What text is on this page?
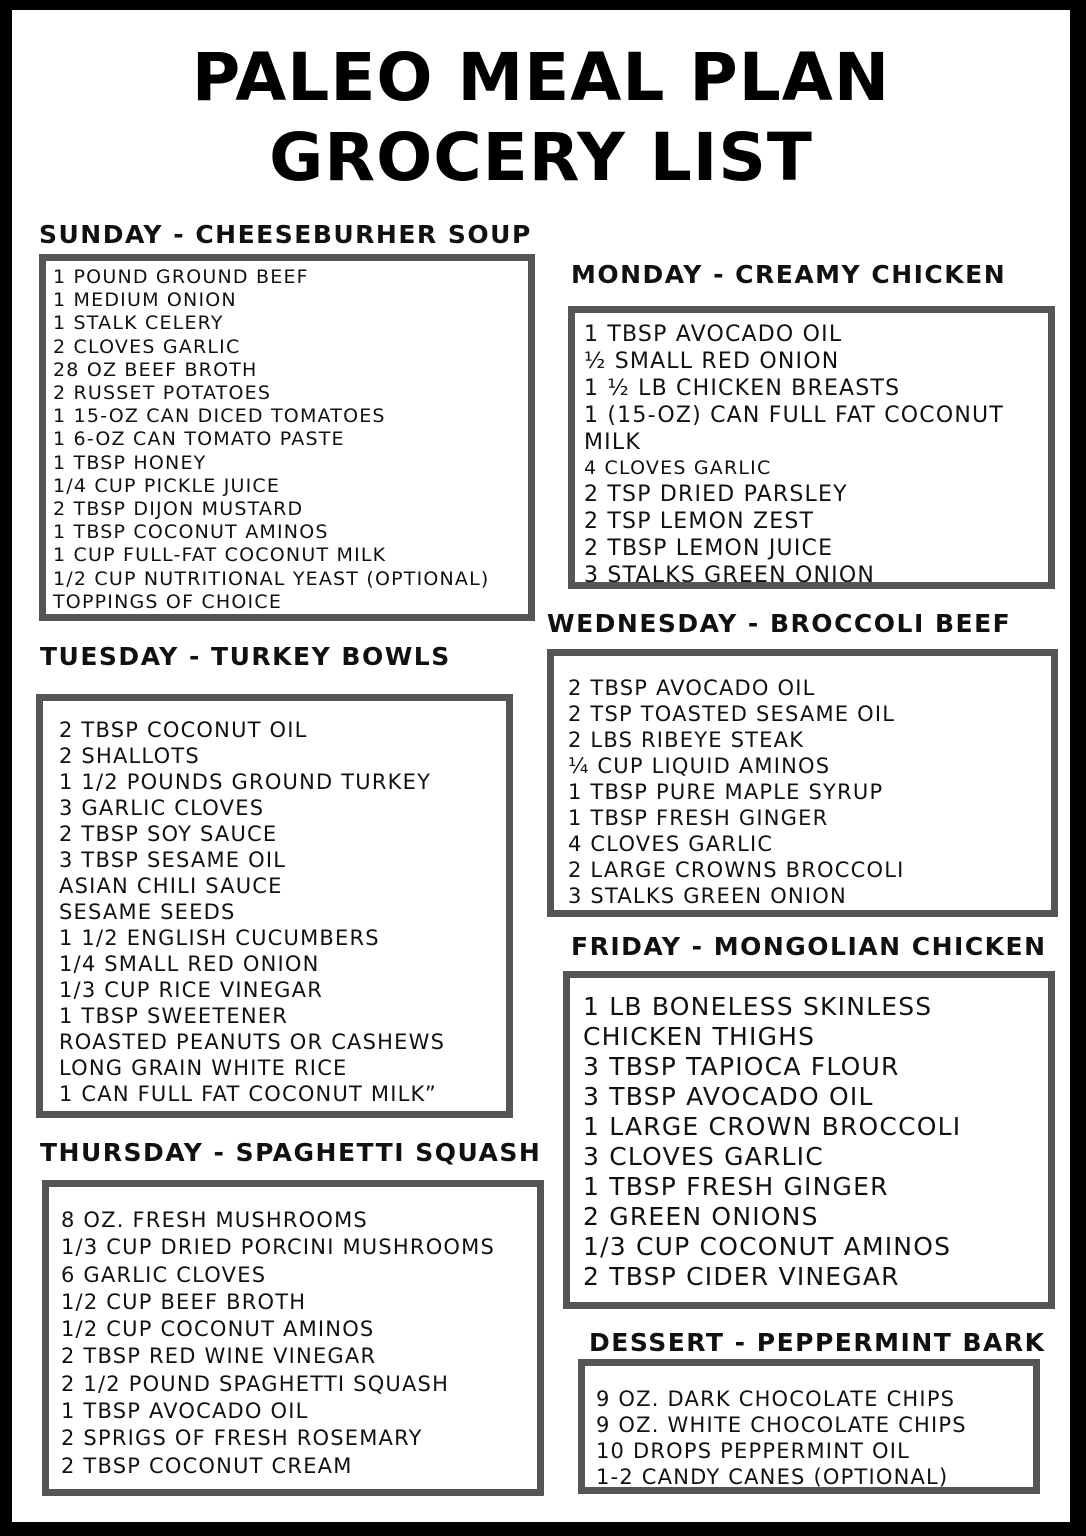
PALEO MEAL PLAN
GROCERY LIST
SUNDAY - CHEESEBURHER SOUP
1 POUND GROUND BEEF
1 MEDIUM ONION
1 STALK CELERY
2 CLOVES GARLIC
28 OZ BEEF BROTH
2 RUSSET POTATOES
1 15-OZ CAN DICED TOMATOES
1 6-OZ CAN TOMATO PASTE
1 TBSP HONEY
1/4 CUP PICKLE JUICE
2 TBSP DIJON MUSTARD
1 TBSP COCONUT AMINOS
1 CUP FULL-FAT COCONUT MILK
1/2 CUP NUTRITIONAL YEAST (OPTIONAL)
TOPPINGS OF CHOICE
MONDAY - CREAMY CHICKEN
1 TBSP AVOCADO OIL
½ SMALL RED ONION
1 ½ LB CHICKEN BREASTS
1 (15-OZ) CAN FULL FAT COCONUT MILK
4 CLOVES GARLIC
2 TSP DRIED PARSLEY
2 TSP LEMON ZEST
2 TBSP LEMON JUICE
3 STALKS GREEN ONION
TUESDAY - TURKEY BOWLS
2 TBSP COCONUT OIL
2 SHALLOTS
1 1/2 POUNDS GROUND TURKEY
3 GARLIC CLOVES
2 TBSP SOY SAUCE
3 TBSP SESAME OIL
ASIAN CHILI SAUCE
SESAME SEEDS
1 1/2 ENGLISH CUCUMBERS
1/4 SMALL RED ONION
1/3 CUP RICE VINEGAR
1 TBSP SWEETENER
ROASTED PEANUTS OR CASHEWS
LONG GRAIN WHITE RICE
1 CAN FULL FAT COCONUT MILK”
WEDNESDAY - BROCCOLI BEEF
2 TBSP AVOCADO OIL
2 TSP TOASTED SESAME OIL
2 LBS RIBEYE STEAK
¼ CUP LIQUID AMINOS
1 TBSP PURE MAPLE SYRUP
1 TBSP FRESH GINGER
4 CLOVES GARLIC
2 LARGE CROWNS BROCCOLI
3 STALKS GREEN ONION
THURSDAY - SPAGHETTI SQUASH
8 OZ. FRESH MUSHROOMS
1/3 CUP DRIED PORCINI MUSHROOMS
6 GARLIC CLOVES
1/2 CUP BEEF BROTH
1/2 CUP COCONUT AMINOS
2 TBSP RED WINE VINEGAR
2 1/2 POUND SPAGHETTI SQUASH
1 TBSP AVOCADO OIL
2 SPRIGS OF FRESH ROSEMARY
2 TBSP COCONUT CREAM
FRIDAY - MONGOLIAN CHICKEN
1 LB BONELESS SKINLESS CHICKEN THIGHS
3 TBSP TAPIOCA FLOUR
3 TBSP AVOCADO OIL
1 LARGE CROWN BROCCOLI
3 CLOVES GARLIC
1 TBSP FRESH GINGER
2 GREEN ONIONS
1/3 CUP COCONUT AMINOS
2 TBSP CIDER VINEGAR
DESSERT - PEPPERMINT BARK
9 OZ. DARK CHOCOLATE CHIPS
9 OZ. WHITE CHOCOLATE CHIPS
10 DROPS PEPPERMINT OIL
1-2 CANDY CANES (OPTIONAL)
